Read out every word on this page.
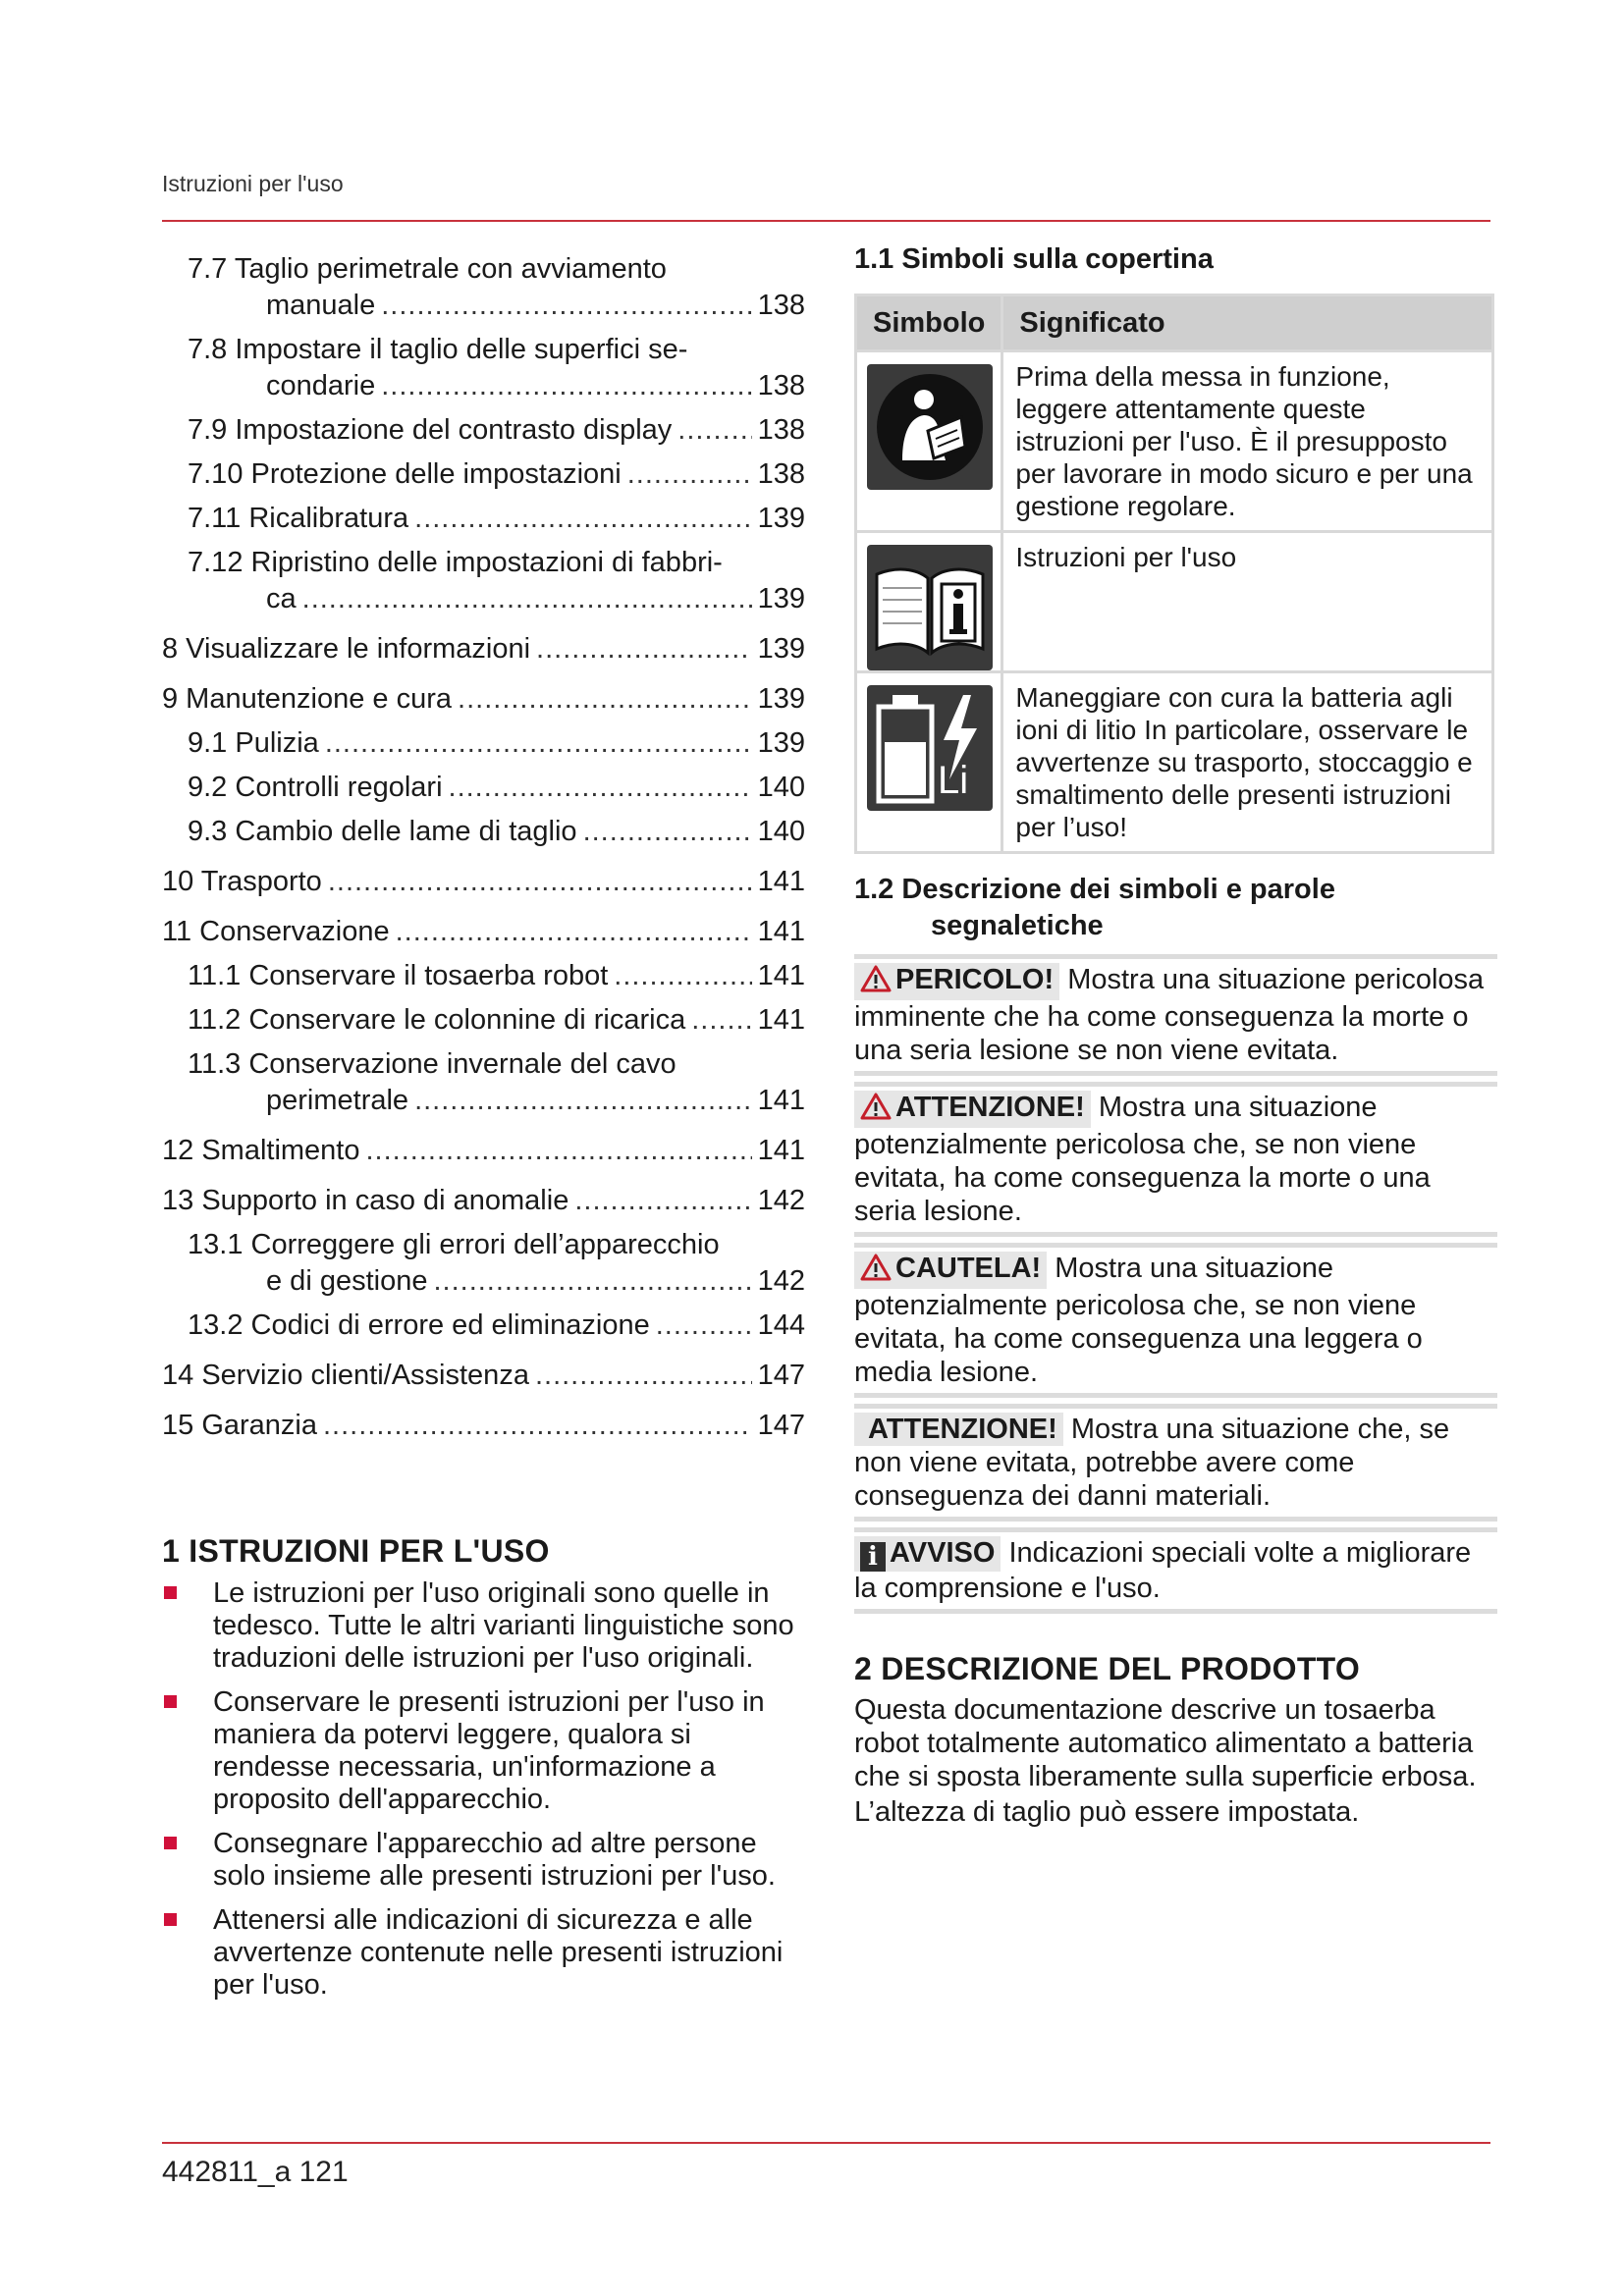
Istruzioni per l'uso
7.7 Taglio perimetrale con avviamento
manuale .....	138
7.8 Impostare il taglio delle superfici se-
condarie .....	138
7.9 Impostazione del contrasto display .....	138
7.10 Protezione delle impostazioni .....	138
7.11 Ricalibratura .....	139
7.12 Ripristino delle impostazioni di fabbri-
ca .....	139
8 Visualizzare le informazioni .....	139
9 Manutenzione e cura .....	139
9.1 Pulizia .....	139
9.2 Controlli regolari .....	140
9.3 Cambio delle lame di taglio .....	140
10 Trasporto .....	141
11 Conservazione .....	141
11.1 Conservare il tosaerba robot .....	141
11.2 Conservare le colonnine di ricarica .....	141
11.3 Conservazione invernale del cavo
perimetrale .....	141
12 Smaltimento .....	141
13 Supporto in caso di anomalie .....	142
13.1 Correggere gli errori dell’apparecchio
e di gestione .....	142
13.2 Codici di errore ed eliminazione .....	144
14 Servizio clienti/Assistenza .....	147
15 Garanzia .....	147
1 ISTRUZIONI PER L'USO
Le istruzioni per l'uso originali sono quelle in tedesco. Tutte le altri varianti linguistiche sono traduzioni delle istruzioni per l'uso originali.
Conservare le presenti istruzioni per l'uso in maniera da potervi leggere, qualora si rendesse necessaria, un'informazione a proposito dell'apparecchio.
Consegnare l'apparecchio ad altre persone solo insieme alle presenti istruzioni per l'uso.
Attenersi alle indicazioni di sicurezza e alle avvertenze contenute nelle presenti istruzioni per l'uso.
1.1 Simboli sulla copertina
Simbolo	Significato

	Prima della messa in funzione, leggere attentamente queste istruzioni per l'uso. È il presupposto per lavorare in modo sicuro e per una gestione regolare.

	Istruzioni per l'uso

Li	Maneggiare con cura la batteria agli ioni di litio In particolare, osservare le avvertenze su trasporto, stoccaggio e smaltimento delle presenti istruzioni per l’uso!
1.2 Descrizione dei simboli e parole
segnaletiche
PERICOLO! Mostra una situazione pericolosa imminente che ha come conseguenza la morte o una seria lesione se non viene evitata.
ATTENZIONE! Mostra una situazione potenzialmente pericolosa che, se non viene evitata, ha come conseguenza la morte o una seria lesione.
CAUTELA! Mostra una situazione potenzialmente pericolosa che, se non viene evitata, ha come conseguenza una leggera o media lesione.
ATTENZIONE! Mostra una situazione che, se non viene evitata, potrebbe avere come conseguenza dei danni materiali.
i AVVISO Indicazioni speciali volte a migliorare la comprensione e l'uso.
2 DESCRIZIONE DEL PRODOTTO

Questa documentazione descrive un tosaerba robot totalmente automatico alimentato a batteria che si sposta liberamente sulla superficie erbosa.

L’altezza di taglio può essere impostata.

442811_a 121
